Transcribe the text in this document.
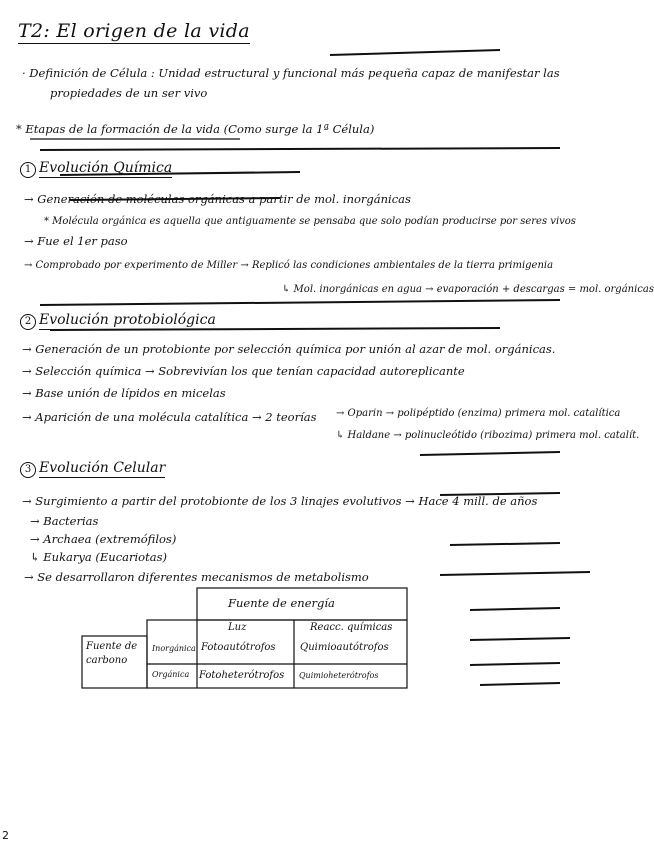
T2: El origen de la vida
· Definición de Célula : Unidad estructural y funcional más pequeña capaz de manifestar las
propiedades de un ser vivo
* Etapas de la formación de la vida (Como surge la 1ª Célula)
1 Evolución Química
→ Generación de moléculas orgánicas a partir de mol. inorgánicas
* Molécula orgánica es aquella que antiguamente se pensaba que solo podían producirse por seres vivos
→ Fue el 1er paso
→ Comprobado por experimento de Miller → Replicó las condiciones ambientales de la tierra primigenia
↳ Mol. inorgánicas en agua → evaporación + descargas = mol. orgánicas
2 Evolución protobiológica
→ Generación de un protobionte por selección química por unión al azar de mol. orgánicas.
→ Selección química → Sobrevivían los que tenían capacidad autoreplicante
→ Base unión de lípidos en micelas
→ Aparición de una molécula catalítica → 2 teorías → Oparin → polipéptido (enzima) primera mol. catalítica
↳ Haldane → polinucleótido (ribozima) primera mol. catalít.
3 Evolución Celular
→ Surgimiento a partir del protobionte de los 3 linajes evolutivos → Hace 4 mill. de años
→ Bacterias
→ Archaea (extremófilos)
↳ Eukarya (Eucariotas)
→ Se desarrollaron diferentes mecanismos de metabolismo
Fuente de energía
Luz	Reacc. químicas
Fuente de carbono
Inorgánica
Orgánica
Fotoautótrofos Quimioautótrofos
Fotoheterótrofos Quimioheterótrofos
2
